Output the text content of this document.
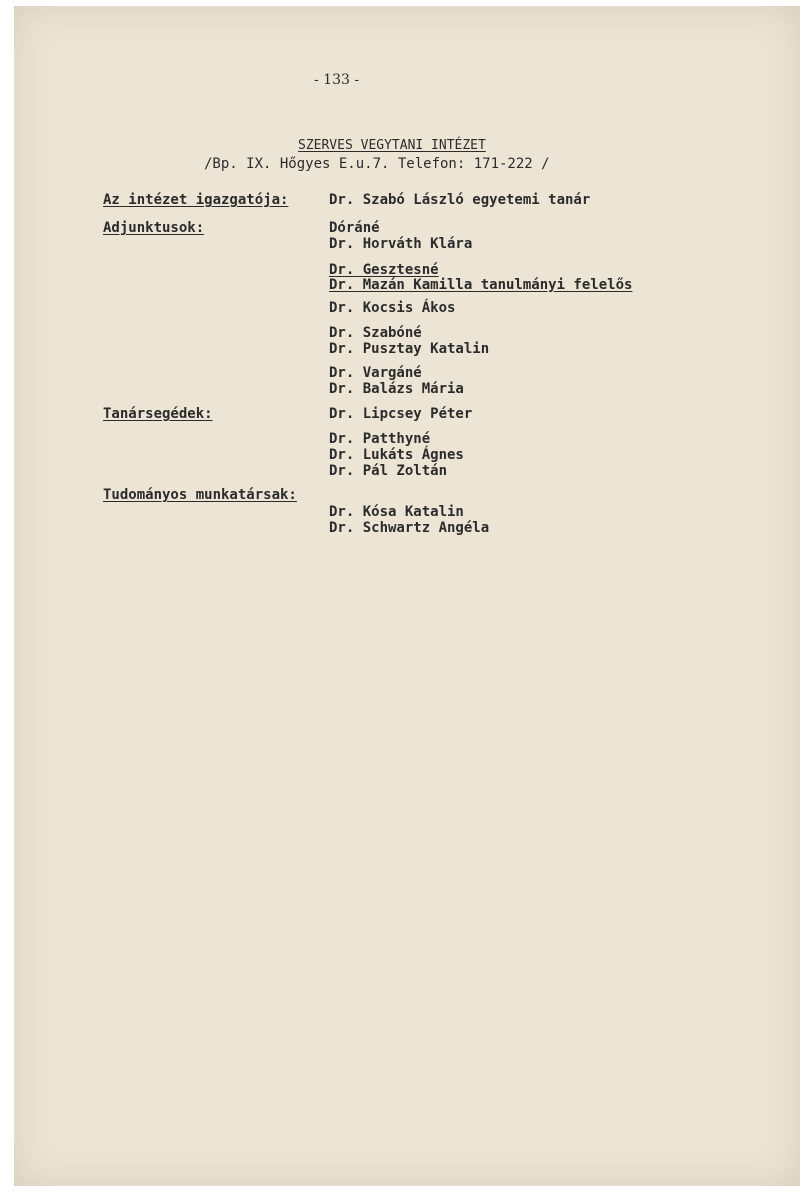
- 133 -
SZERVES VEGYTANI INTÉZET
/Bp. IX. Hőgyes E.u.7. Telefon: 171-222 /
Az intézet igazgatója:	Dr. Szabó László egyetemi tanár
Adjunktusok:	Dóráné
Dr. Horváth Klára
Dr. Gesztesné
Dr. Mazán Kamilla tanulmányi felelős
Dr. Kocsis Ákos
Dr. Szabóné
Dr. Pusztay Katalin
Dr. Vargáné
Dr. Balázs Mária
Tanársegédek:	Dr. Lipcsey Péter
Dr. Patthyné
Dr. Lukáts Ágnes
Dr. Pál Zoltán
Tudományos munkatársak:
Dr. Kósa Katalin
Dr. Schwartz Angéla
